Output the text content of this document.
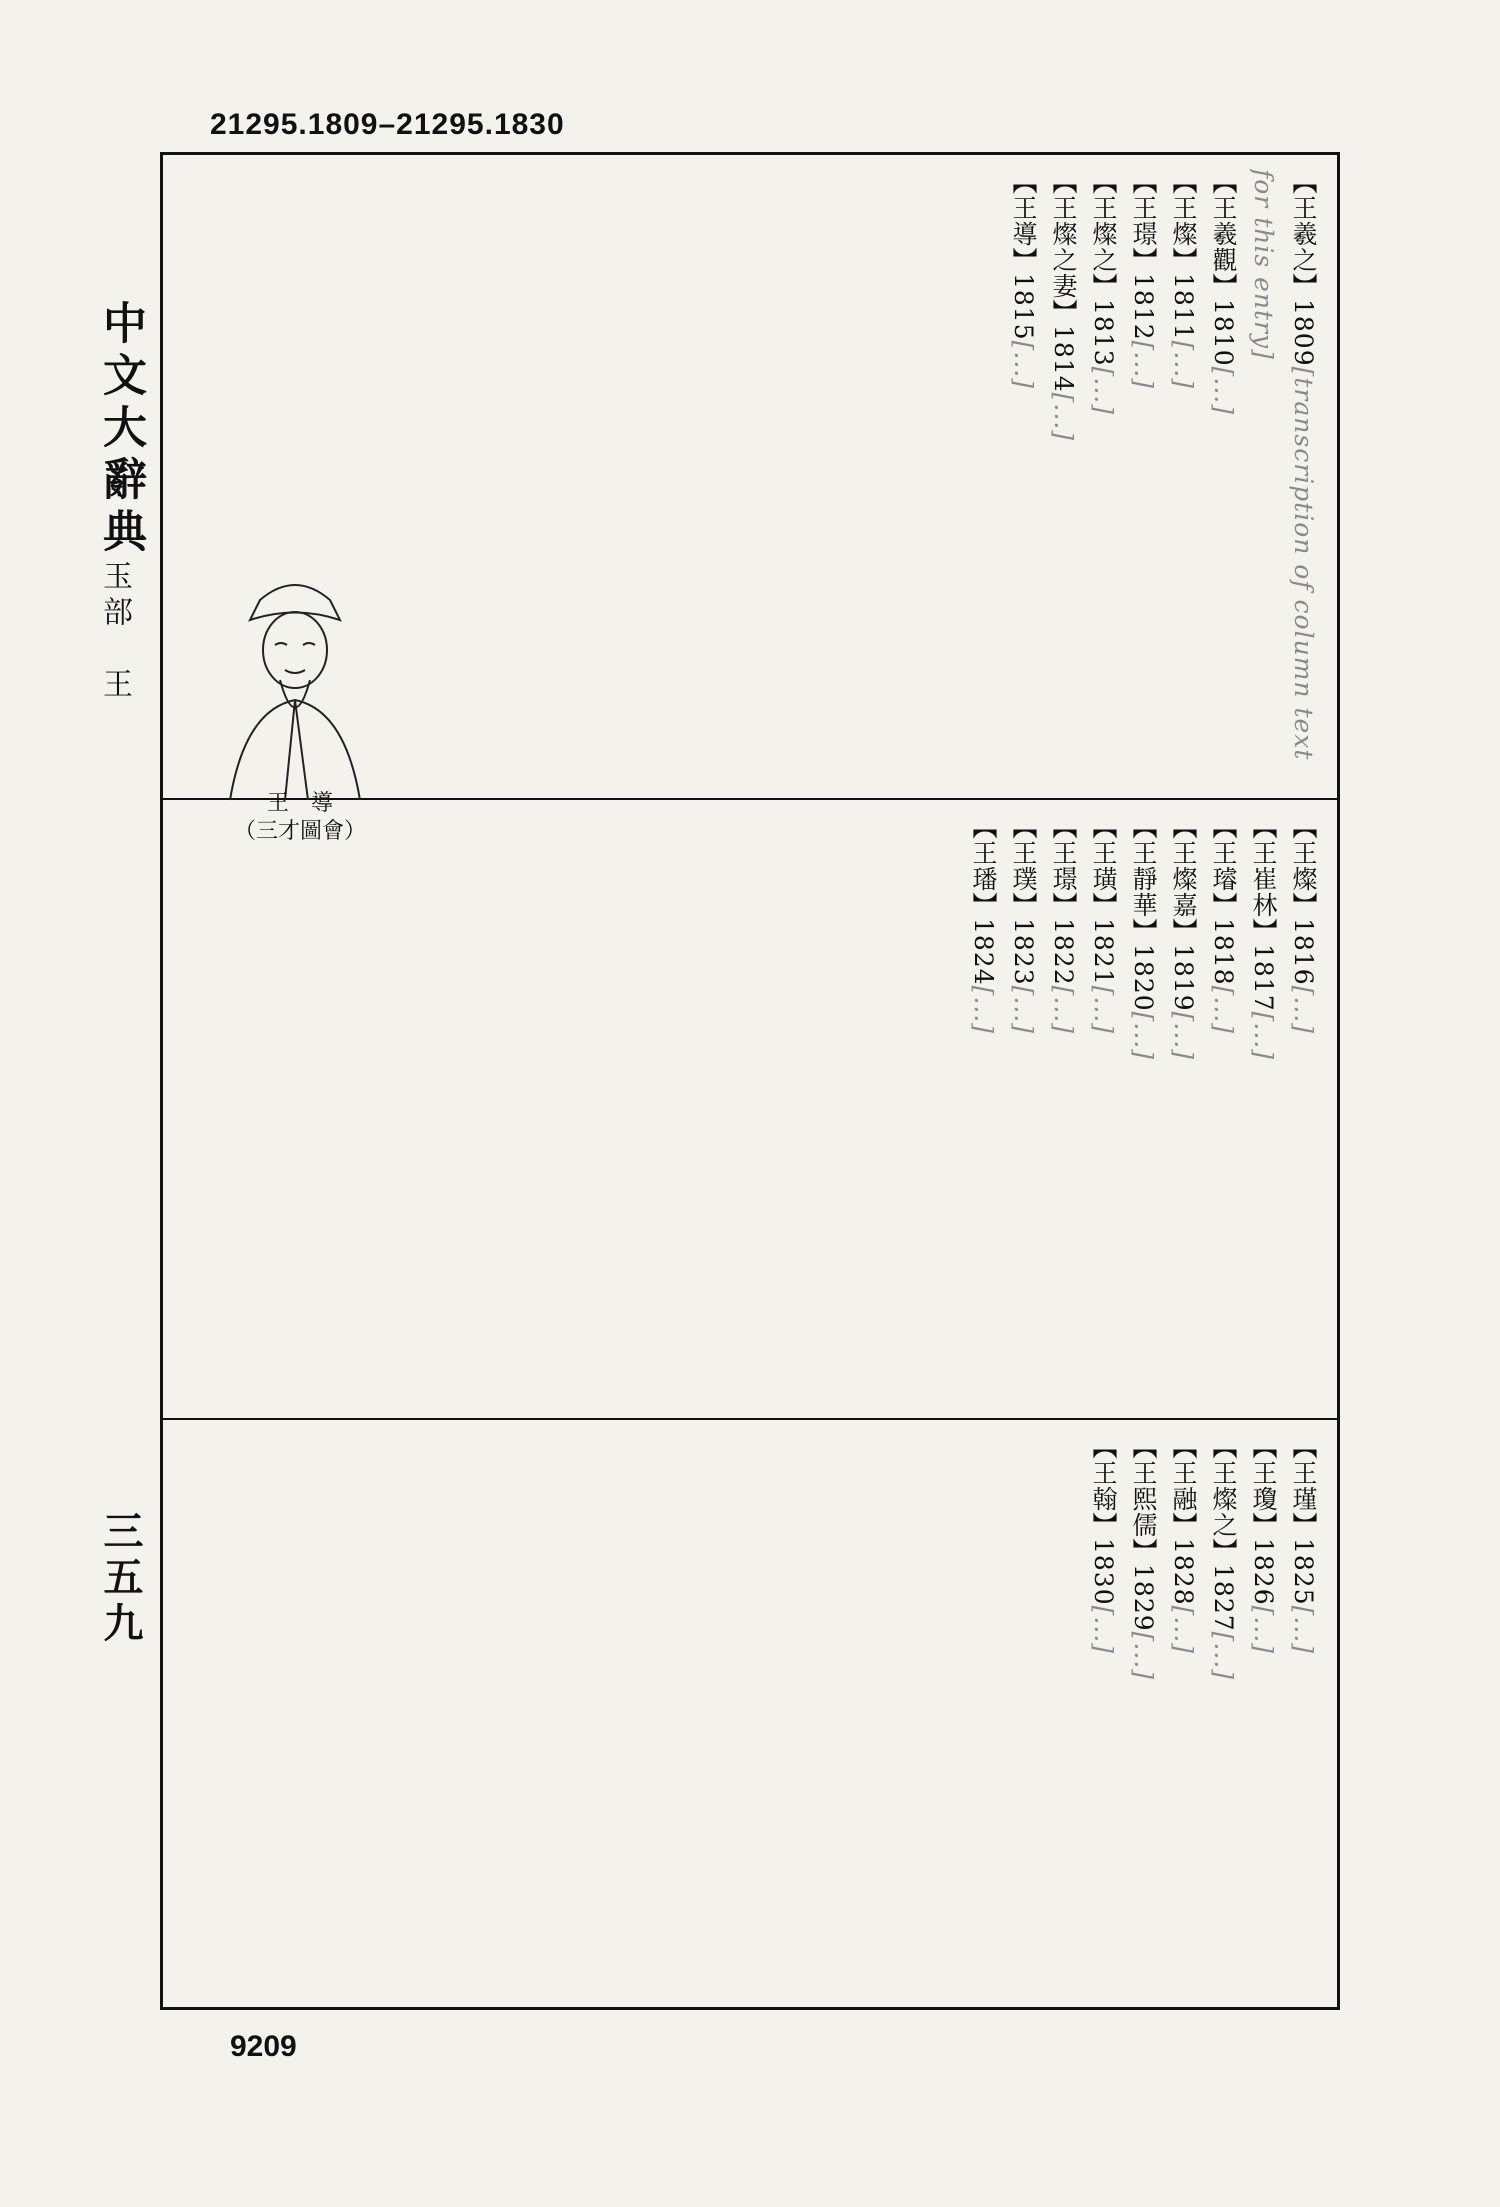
21295.1809–21295.1830
中文大辭典
玉部　王
三五九
【王羲之】1809[transcription of column text for this entry]
【王羲觀】1810[...]
【王燦】1811[...]
【王璟】1812[...]
【王燦之】1813[...]
【王燦之妻】1814[...]
【王導】1815[...]
【王燦】1816[...]
【王崔林】1817[...]
【王璿】1818[...]
【王燦嘉】1819[...]
【王靜華】1820[...]
【王璜】1821[...]
【王璟】1822[...]
【王璞】1823[...]
【王璠】1824[...]
【王瑾】1825[...]
【王瓊】1826[...]
【王燦之】1827[...]
【王融】1828[...]
【王熙儒】1829[...]
【王翰】1830[...]
王　導
（三才圖會）
9209
